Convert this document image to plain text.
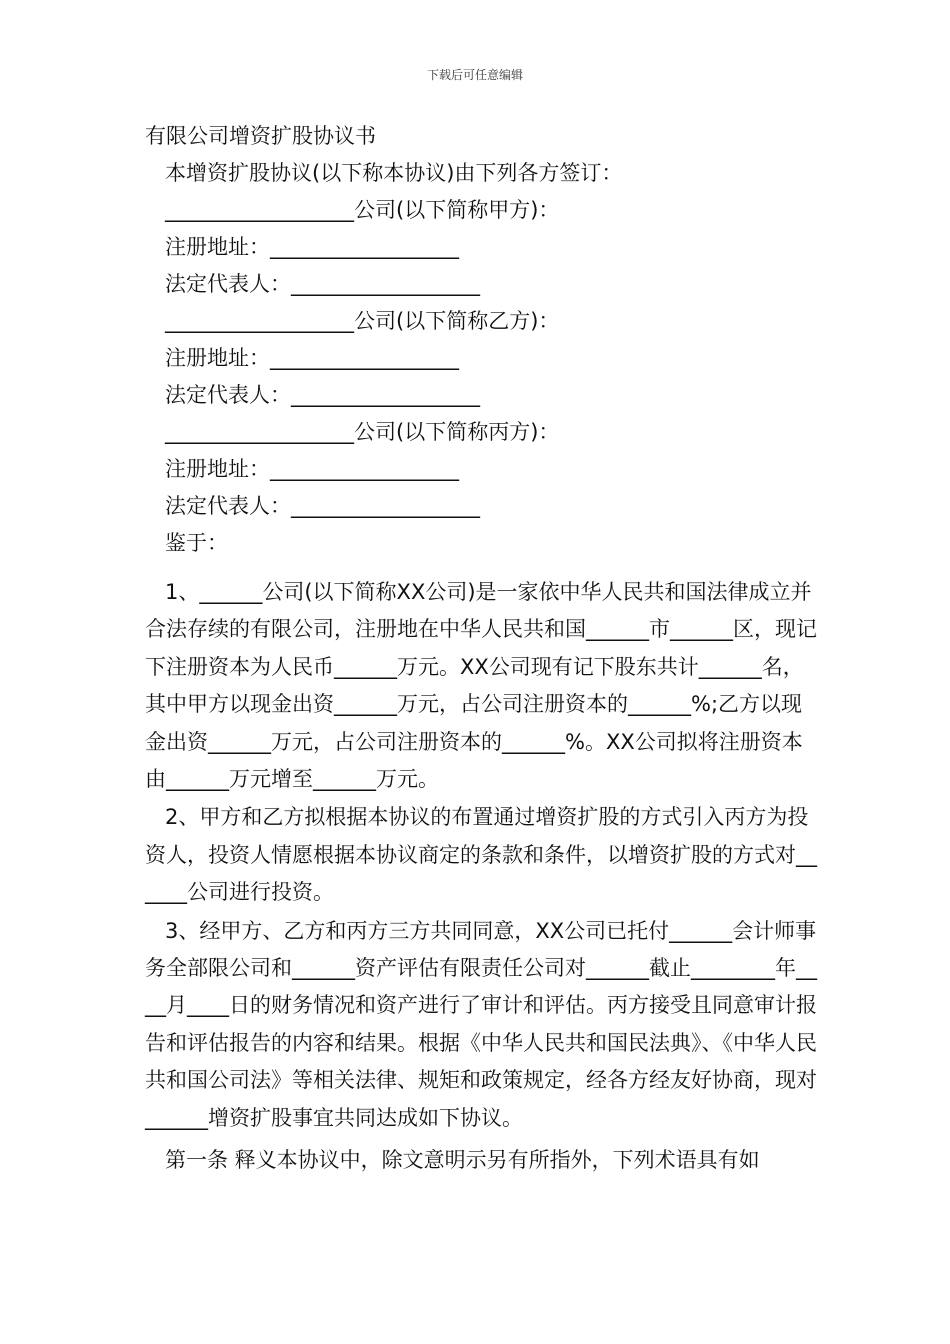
下载后可任意编辑
有限公司增资扩股协议书
本增资扩股协议(以下称本协议)由下列各方签订：
__________________公司(以下简称甲方)：
注册地址：__________________
法定代表人：__________________
__________________公司(以下简称乙方)：
注册地址：__________________
法定代表人：__________________
__________________公司(以下简称丙方)：
注册地址：__________________
法定代表人：__________________
鉴于：

1、______公司(以下简称XX公司)是一家依中华人民共和国法律成立并合法存续的有限公司，注册地在中华人民共和国______市______区，现记下注册资本为人民币______万元。XX公司现有记下股东共计______名，其中甲方以现金出资______万元，占公司注册资本的______%;乙方以现金出资______万元，占公司注册资本的______%。XX公司拟将注册资本由______万元增至______万元。

2、甲方和乙方拟根据本协议的布置通过增资扩股的方式引入丙方为投资人，投资人情愿根据本协议商定的条款和条件，以增资扩股的方式对______公司进行投资。

3、经甲方、乙方和丙方三方共同同意，XX公司已托付______会计师事务全部限公司和______资产评估有限责任公司对______截止________年____月____日的财务情况和资产进行了审计和评估。丙方接受且同意审计报告和评估报告的内容和结果。根据《中华人民共和国民法典》、《中华人民共和国公司法》等相关法律、规矩和政策规定，经各方经友好协商，现对______增资扩股事宜共同达成如下协议。

第一条 释义本协议中，除文意明示另有所指外，下列术语具有如
